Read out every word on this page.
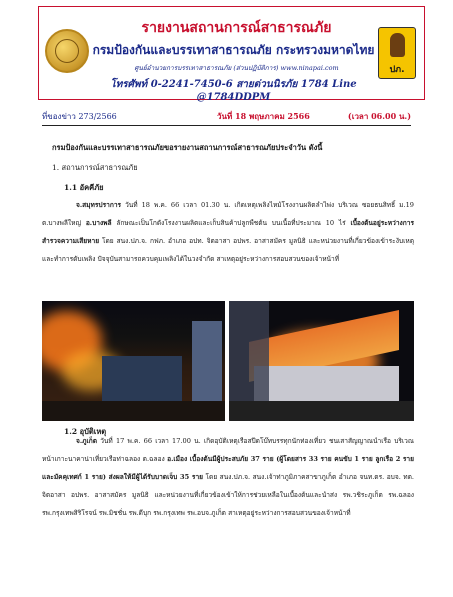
รายงานสถานการณ์สาธารณภัย
กรมป้องกันและบรรเทาสาธารณภัย กระทรวงมหาดไทย
ศูนย์อำนวยการบรรเทาสาธารณภัย (ส่วนปฏิบัติการ) www.ninapai.com
โทรศัพท์ 0-2241-7450-6 สายด่วนนิรภัย 1784 Line @1784DDPM
ปภ.
ที่ของข่าว 273/2566	วันที่ 18 พฤษภาคม 2566	(เวลา 06.00 น.)
กรมป้องกันและบรรเทาสาธารณภัยขอรายงานสถานการณ์สาธารณภัยประจำวัน ดังนี้
1. สถานการณ์สาธารณภัย
1.1 อัคคีภัย
จ.สมุทรปราการ วันที่ 18 พ.ค. 66 เวลา 01.30 น. เกิดเหตุเพลิงไหม้โรงงานผลิตลำไพ่ง บริเวณ ซอยธนสิทธิ์ ม.19 ต.บางพลีใหญ่ อ.บางพลี ลักษณะเป็นโกดังโรงงานผลิตและเก็บสินค้าปลูกพืชต้น บนเนื้อที่ประมาณ 10 ไร่ เบื้องต้นอยู่ระหว่างการสำรวจความเสียหาย โดย สนง.ปภ.จ. กฟภ. อำเภอ อปท. จิตอาสา อปพร. อาสาสมัคร มูลนิธิ และหน่วยงานที่เกี่ยวข้องเข้าระงับเหตุและทำการดับเพลิง ปัจจุบันสามารถควบคุมเพลิงได้ในวงจำกัด สาเหตุอยู่ระหว่างการสอบสวนของเจ้าหน้าที่
1.2 อุบัติเหตุ
จ.ภูเก็ต วันที่ 17 พ.ค. 66 เวลา 17.00 น. เกิดอุบัติเหตุเรือสปีดโบ๊ทบรรทุกนักท่องเที่ยว ชนเสาสัญญาณนำเรือ บริเวณหน้าเกาะนาคาน่าเที่ยวเรือท่าฉลอง ต.ฉลอง อ.เมือง เบื้องต้นมีผู้ประสบภัย 37 ราย (ผู้โดยสาร 33 ราย คนขับ 1 ราย ลูกเรือ 2 ราย และมัคคุเทศก์ 1 ราย) ส่งผลให้มีผู้ได้รับบาดเจ็บ 35 ราย โดย สนง.ปภ.จ. สนง.เจ้าท่าภูมิภาคสาขาภูเก็ต อำเภอ จนท.ตร. อบจ. ทต. จิตอาสา อปพร. อาสาสมัคร มูลนิธิ และหน่วยงานที่เกี่ยวข้องเข้าให้การช่วยเหลือในเบื้องต้นและนำส่ง รพ.วชิระภูเก็ต รพ.ฉลอง รพ.กรุงเทพสิริโรจน์ รพ.มิชชั่น รพ.ดีบุก รพ.กรุงเทพ รพ.อบจ.ภูเก็ต สาเหตุอยู่ระหว่างการสอบสวนของเจ้าหน้าที่
